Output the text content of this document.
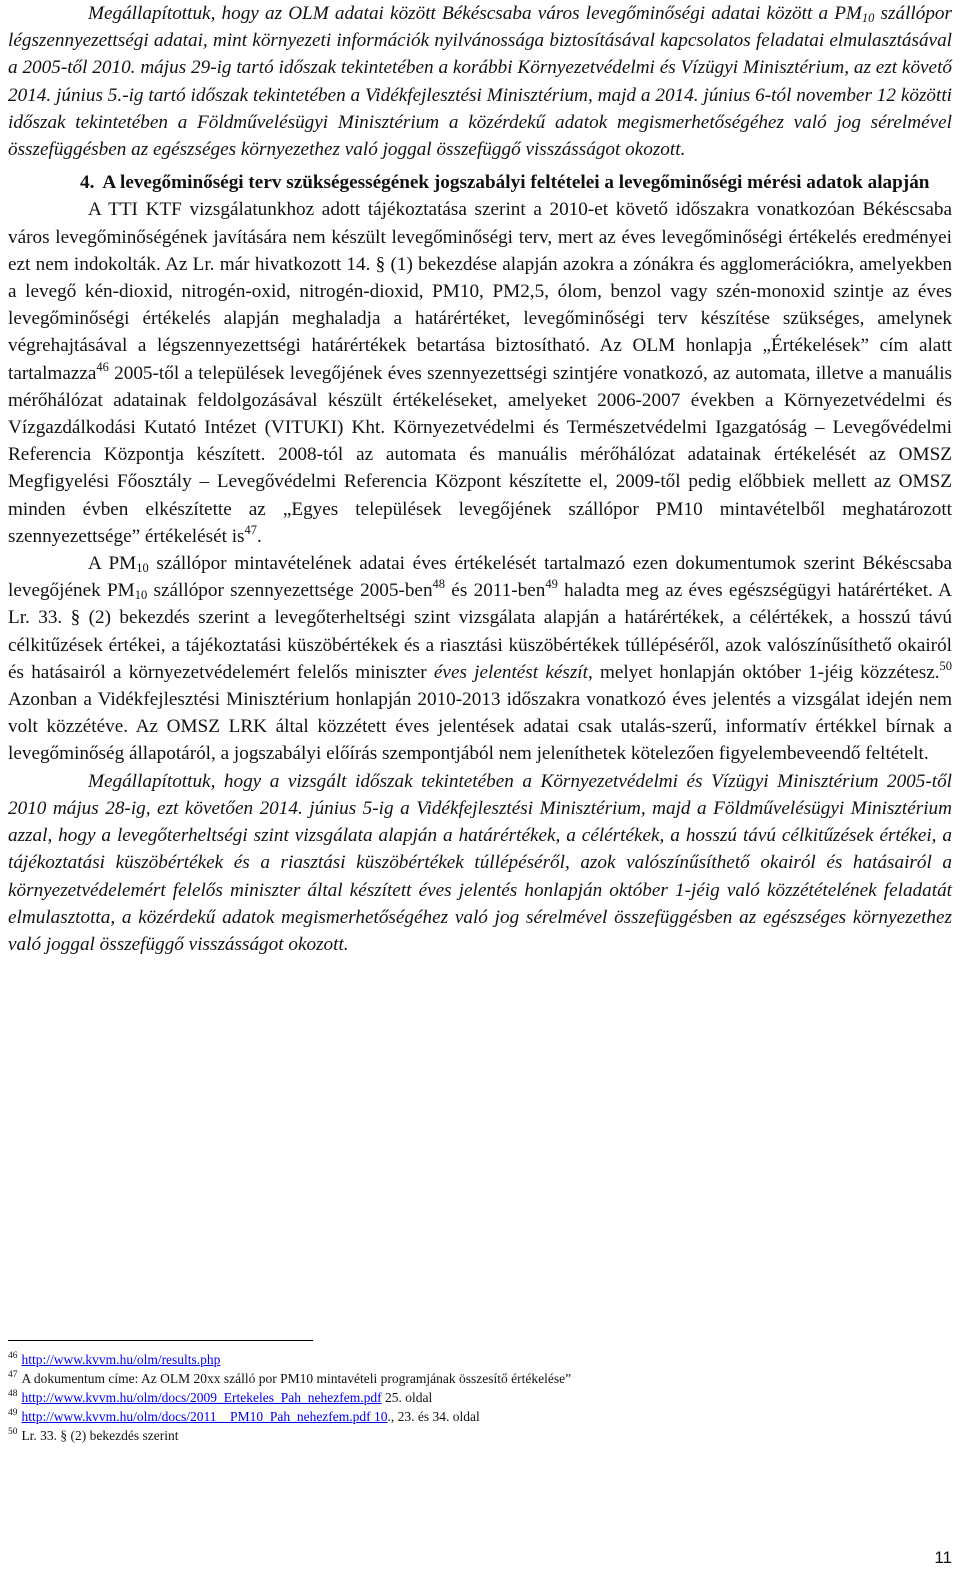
Megállapítottuk, hogy az OLM adatai között Békéscsaba város levegőminőségi adatai között a $PM_{10}$ szállópor légszennyezettségi adatai, mint környezeti információk nyilvánossága biztosításával kapcsolatos feladatai elmulasztásával a 2005-től 2010. május 29-ig tartó időszak tekintetében a korábbi Környezetvédelmi és Vízügyi Minisztérium, az ezt követő 2014. június 5.-ig tartó időszak tekintetében a Vidékfejlesztési Minisztérium, majd a 2014. június 6-tól november 12 közötti időszak tekintetében a Földművelésügyi Minisztérium a közérdekű adatok megismerhetőségéhez való jog sérelmével összefüggésben az egészséges környezethez való joggal összefüggő visszásságot okozott.

4. A levegőminőségi terv szükségességének jogszabályi feltételei a levegőminőségi mérési adatok alapján

A TTI KTF vizsgálatunkhoz adott tájékoztatása szerint a 2010-et követő időszakra vonatkozóan Békéscsaba város levegőminőségének javítására nem készült levegőminőségi terv, mert az éves levegőminőségi értékelés eredményei ezt nem indokolták. Az Lr. már hivatkozott 14. § (1) bekezdése alapján azokra a zónákra és agglomerációkra, amelyekben a levegő kén-dioxid, nitrogén-oxid, nitrogén-dioxid, PM10, PM2,5, ólom, benzol vagy szén-monoxid szintje az éves levegőminőségi értékelés alapján meghaladja a határértéket, levegőminőségi terv készítése szükséges, amelynek végrehajtásával a légszennyezettségi határértékek betartása biztosítható. Az OLM honlapja „Értékelések” cím alatt tartalmazza$^{46}$ 2005-től a települések levegőjének éves szennyezettségi szintjére vonatkozó, az automata, illetve a manuális mérőhálózat adatainak feldolgozásával készült értékeléseket, amelyeket 2006-2007 években a Környezetvédelmi és Vízgazdálkodási Kutató Intézet (VITUKI) Kht. Környezetvédelmi és Természetvédelmi Igazgatóság – Levegővédelmi Referencia Központja készített. 2008-tól az automata és manuális mérőhálózat adatainak értékelését az OMSZ Megfigyelési Főosztály – Levegővédelmi Referencia Központ készítette el, 2009-től pedig előbbiek mellett az OMSZ minden évben elkészítette az „Egyes települések levegőjének szállópor PM10 mintavételből meghatározott szennyezettsége” értékelését $is^{47}$.

A $PM_{10}$ szállópor mintavételének adatai éves értékelését tartalmazó ezen dokumentumok szerint Békéscsaba levegőjének $PM_{10}$ szállópor szennyezettsége 2005-ben$^{48}$ és 2011-ben$^{49}$ haladta meg az éves egészségügyi határértéket. A Lr. 33. § (2) bekezdés szerint a levegőterheltségi szint vizsgálata alapján a határértékek, a célértékek, a hosszú távú célkitűzések értékei, a tájékoztatási küszöbértékek és a riasztási küszöbértékek túllépéséről, azok valószínűsíthető okairól és hatásairól a környezetvédelemért felelős miniszter éves jelentést készít, melyet honlapján október 1-jéig közzétesz.$^{50}$ Azonban a Vidékfejlesztési Minisztérium honlapján 2010-2013 időszakra vonatkozó éves jelentés a vizsgálat idején nem volt közzétéve. Az OMSZ LRK által közzétett éves jelentések adatai csak utalás-szerű, informatív értékkel bírnak a levegőminőség állapotáról, a jogszabályi előírás szempontjából nem jeleníthetek kötelezően figyelembeveendő feltételt.

Megállapítottuk, hogy a vizsgált időszak tekintetében a Környezetvédelmi és Vízügyi Minisztérium 2005-től 2010 május 28-ig, ezt követően 2014. június 5-ig a Vidékfejlesztési Minisztérium, majd a Földművelésügyi Minisztérium azzal, hogy a levegőterheltségi szint vizsgálata alapján a határértékek, a célértékek, a hosszú távú célkitűzések értékei, a tájékoztatási küszöbértékek és a riasztási küszöbértékek túllépéséről, azok valószínűsíthető okairól és hatásairól a környezetvédelemért felelős miniszter által készített éves jelentés honlapján október 1-jéig való közzétételének feladatát elmulasztotta, a közérdekű adatok megismerhetőségéhez való jog sérelmével összefüggésben az egészséges környezethez való joggal összefüggő visszásságot okozott.

$^{46}$ http://www.kvvm.hu/olm/results.php
$^{47}$ A dokumentum címe: Az OLM 20xx szálló por PM10 mintavételi programjának összesítő értékelése”
$^{48}$ http://www.kvvm.hu/olm/docs/2009_Ertekeles_Pah_nehezfem.pdf 25. oldal
$^{49}$ http://www.kvvm.hu/olm/docs/2011__PM10_Pah_nehezfem.pdf 10., 23. és 34. oldal
$^{50}$ Lr. 33. § (2) bekezdés szerint
11
